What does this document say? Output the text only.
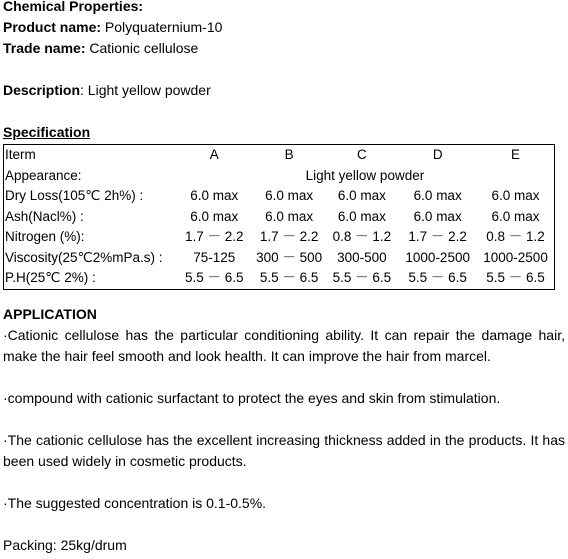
Chemical Properties:
Product name: Polyquaternium-10
Trade name: Cationic cellulose
Description: Light yellow powder
Specification
Iterm	A	B	C	D	E
Appearance:	Light yellow powder				
Dry Loss(105℃ 2h%) :	6.0 max	6.0 max	6.0 max	6.0 max	6.0 max
Ash(Nacl%) :	6.0 max	6.0 max	6.0 max	6.0 max	6.0 max
Nitrogen (%):	1.7 － 2.2	1.7 － 2.2	0.8 － 1.2	1.7 － 2.2	0.8 － 1.2
Viscosity(25℃2%mPa.s) :	75-125	300 － 500	300-500	1000-2500	1000-2500
P.H(25℃ 2%) :	5.5 － 6.5	5.5 － 6.5	5.5 － 6.5	5.5 － 6.5	5.5 － 6.5
APPLICATION

·Cationic cellulose has the particular conditioning ability. It can repair the damage hair, make the hair feel smooth and look health. It can improve the hair from marcel.

·compound with cationic surfactant to protect the eyes and skin from stimulation.

·The cationic cellulose has the excellent increasing thickness added in the products. It has been used widely in cosmetic products.

·The suggested concentration is 0.1-0.5%.

Packing: 25kg/drum
